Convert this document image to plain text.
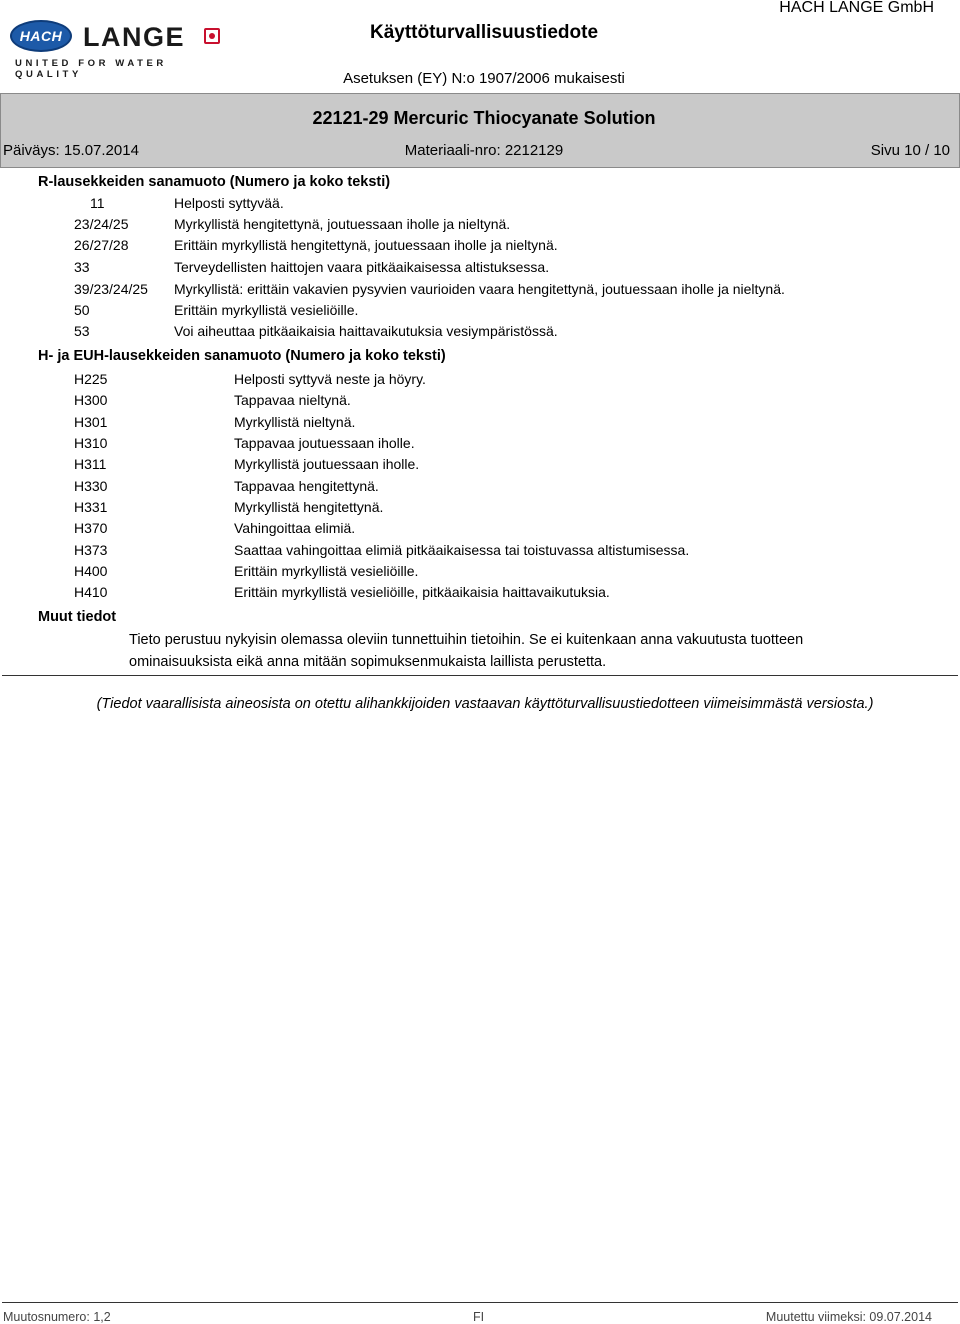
HACH LANGE
UNITED FOR WATER QUALITY
Käyttöturvallisuustiedote
HACH LANGE GmbH
Asetuksen (EY) N:o 1907/2006 mukaisesti
22121-29 Mercuric Thiocyanate Solution
Päiväys: 15.07.2014	Materiaali-nro: 2212129	Sivu 10 / 10
R-lausekkeiden sanamuoto (Numero ja koko teksti)
11	Helposti syttyvää.
23/24/25	Myrkyllistä hengitettynä, joutuessaan iholle ja nieltynä.
26/27/28	Erittäin myrkyllistä hengitettynä, joutuessaan iholle ja nieltynä.
33	Terveydellisten haittojen vaara pitkäaikaisessa altistuksessa.
39/23/24/25 Myrkyllistä: erittäin vakavien pysyvien vaurioiden vaara hengitettynä, joutuessaan iholle ja nieltynä.
50	Erittäin myrkyllistä vesieliöille.
53	Voi aiheuttaa pitkäaikaisia haittavaikutuksia vesiympäristössä.
H- ja EUH-lausekkeiden sanamuoto (Numero ja koko teksti)
H225	Helposti syttyvä neste ja höyry.
H300	Tappavaa nieltynä.
H301	Myrkyllistä nieltynä.
H310	Tappavaa joutuessaan iholle.
H311	Myrkyllistä joutuessaan iholle.
H330	Tappavaa hengitettynä.
H331	Myrkyllistä hengitettynä.
H370	Vahingoittaa elimiä.
H373	Saattaa vahingoittaa elimiä pitkäaikaisessa tai toistuvassa altistumisessa.
H400	Erittäin myrkyllistä vesieliöille.
H410	Erittäin myrkyllistä vesieliöille, pitkäaikaisia haittavaikutuksia.
Muut tiedot
Tieto perustuu nykyisin olemassa oleviin tunnettuihin tietoihin. Se ei kuitenkaan anna vakuutusta tuotteen ominaisuuksista eikä anna mitään sopimuksenmukaista laillista perustetta.
(Tiedot vaarallisista aineosista on otettu alihankkijoiden vastaavan käyttöturvallisuustiedotteen viimeisimmästä versiosta.)
Muutosnumero: 1,2	FI	Muutettu viimeksi: 09.07.2014
